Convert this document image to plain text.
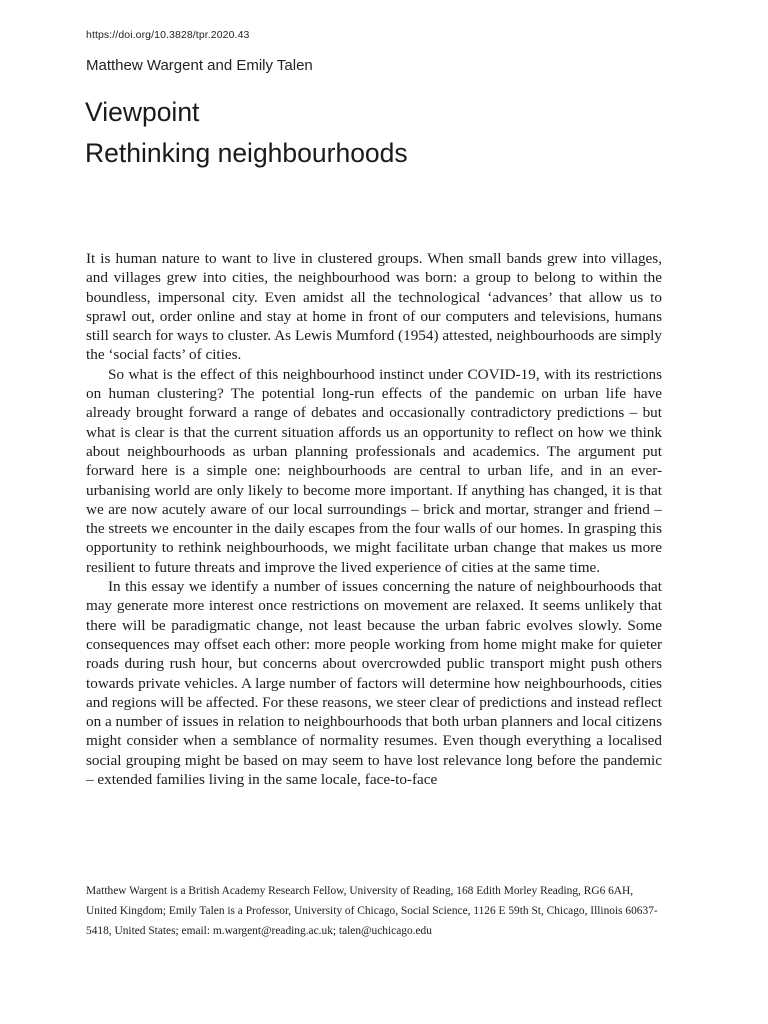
https://doi.org/10.3828/tpr.2020.43
Matthew Wargent and Emily Talen
Viewpoint
Rethinking neighbourhoods

It is human nature to want to live in clustered groups. When small bands grew into villages, and villages grew into cities, the neighbourhood was born: a group to belong to within the boundless, impersonal city. Even amidst all the technological ‘advances’ that allow us to sprawl out, order online and stay at home in front of our computers and televisions, humans still search for ways to cluster. As Lewis Mumford (1954) attested, neighbourhoods are simply the ‘social facts’ of cities.

So what is the effect of this neighbourhood instinct under COVID-19, with its restrictions on human clustering? The potential long-run effects of the pandemic on urban life have already brought forward a range of debates and occasionally contradictory predictions – but what is clear is that the current situation affords us an opportunity to reflect on how we think about neighbourhoods as urban planning professionals and academics. The argument put forward here is a simple one: neighbourhoods are central to urban life, and in an ever-urbanising world are only likely to become more important. If anything has changed, it is that we are now acutely aware of our local surroundings – brick and mortar, stranger and friend – the streets we encounter in the daily escapes from the four walls of our homes. In grasping this opportunity to rethink neighbourhoods, we might facilitate urban change that makes us more resilient to future threats and improve the lived experience of cities at the same time.

In this essay we identify a number of issues concerning the nature of neighbourhoods that may generate more interest once restrictions on movement are relaxed. It seems unlikely that there will be paradigmatic change, not least because the urban fabric evolves slowly. Some consequences may offset each other: more people working from home might make for quieter roads during rush hour, but concerns about overcrowded public transport might push others towards private vehicles. A large number of factors will determine how neighbourhoods, cities and regions will be affected. For these reasons, we steer clear of predictions and instead reflect on a number of issues in relation to neighbourhoods that both urban planners and local citizens might consider when a semblance of normality resumes. Even though everything a localised social grouping might be based on may seem to have lost relevance long before the pandemic – extended families living in the same locale, face-to-face

Matthew Wargent is a British Academy Research Fellow, University of Reading, 168 Edith Morley Reading, RG6 6AH, United Kingdom; Emily Talen is a Professor, University of Chicago, Social Science, 1126 E 59th St, Chicago, Illinois 60637-5418, United States; email: m.wargent@reading.ac.uk; talen@uchicago.edu
